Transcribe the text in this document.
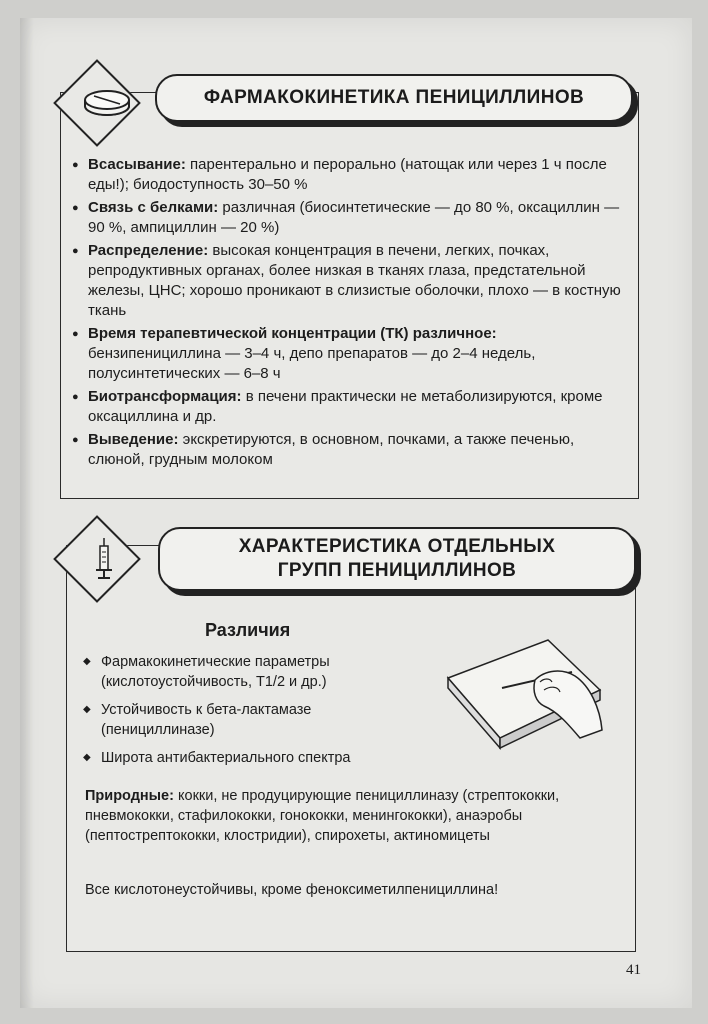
ФАРМАКОКИНЕТИКА ПЕНИЦИЛЛИНОВ
● Всасывание: парентерально и перорально (натощак или через 1 ч после еды!); биодоступность 30–50 %
● Связь с белками: различная (биосинтетические — до 80 %, оксациллин — 90 %, ампициллин — 20 %)
● Распределение: высокая концентрация в печени, легких, почках, репродуктивных органах, более низкая в тканях глаза, предстательной железы, ЦНС; хорошо проникают в слизистые оболочки, плохо — в костную ткань
● Время терапевтической концентрации (ТК) различное: бензипенициллина — 3–4 ч, депо препаратов — до 2–4 недель, полусинтетических — 6–8 ч
● Биотрансформация: в печени практически не метаболизируются, кроме оксациллина и др.
● Выведение: экскретируются, в основном, почками, а также печенью, слюной, грудным молоком
ХАРАКТЕРИСТИКА ОТДЕЛЬНЫХ
ГРУПП ПЕНИЦИЛЛИНОВ
Различия
◆ Фармакокинетические параметры (кислотоустойчивость, T1/2 и др.)
◆ Устойчивость к бета-лактамазе (пенициллиназе)
◆ Широта антибактериального спектра
Природные: кокки, не продуцирующие пенициллиназу (стрептококки, пневмококки, стафилококки, гонококки, менингококки), анаэробы (пептострептококки, клостридии), спирохеты, актиномицеты
Все кислотонеустойчивы, кроме феноксиметилпенициллина!
41
